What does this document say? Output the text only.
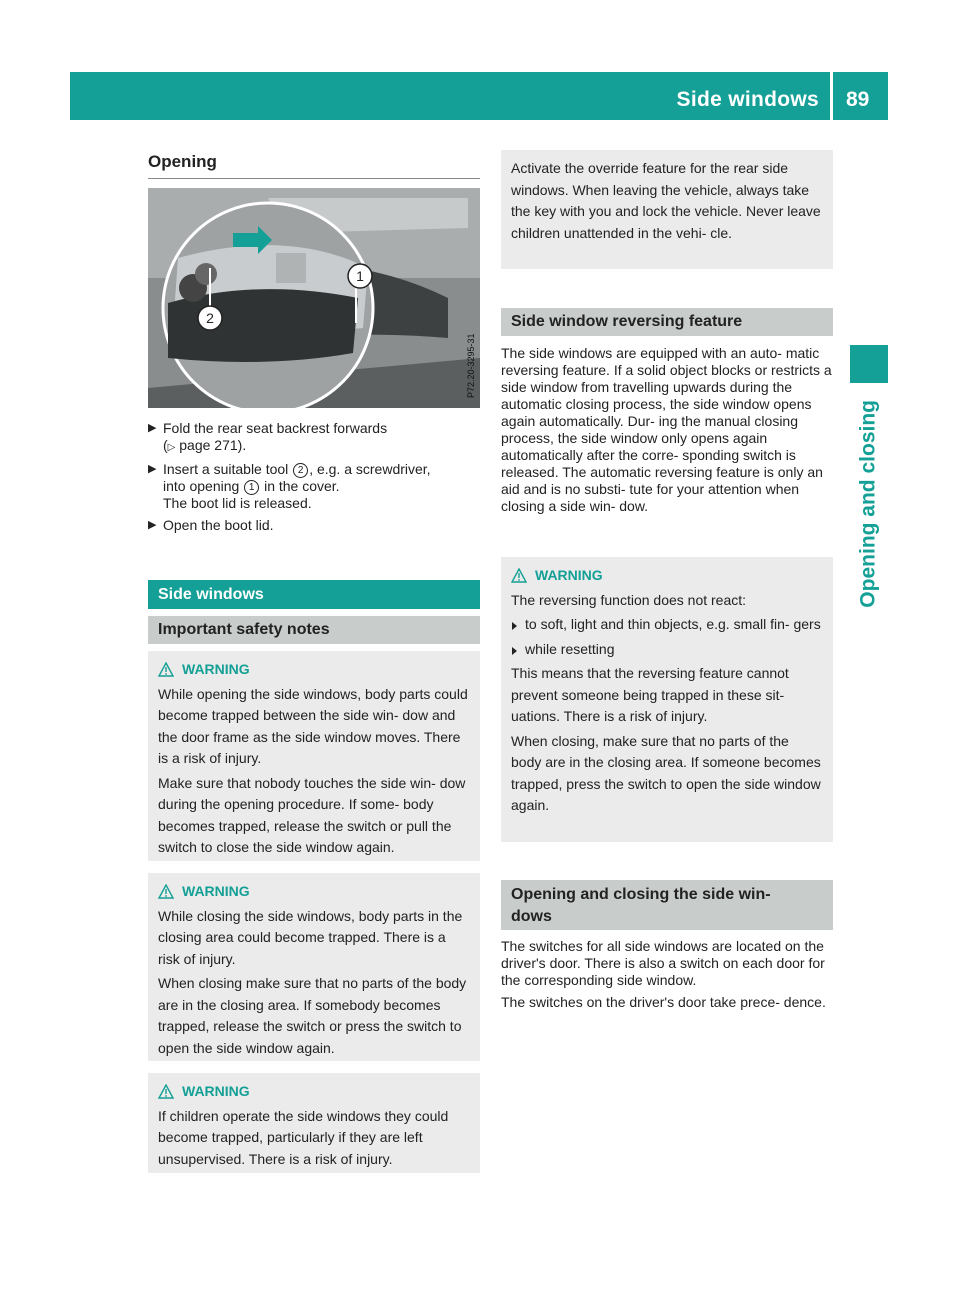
Side windows 89
Opening and closing
Opening
1
2
P72.20-3295-31
▶ Fold the rear seat backrest forwards
(▷ page 271).
▶ Insert a suitable tool 2 , e.g. a screwdriver,
into opening 1 in the cover.
The boot lid is released.
▶ Open the boot lid.
Side windows
Important safety notes
WARNING

While opening the side windows, body parts could become trapped between the side win- dow and the door frame as the side window moves. There is a risk of injury.

Make sure that nobody touches the side win- dow during the opening procedure. If some- body becomes trapped, release the switch or pull the switch to close the side window again.

WARNING

While closing the side windows, body parts in the closing area could become trapped. There is a risk of injury.

When closing make sure that no parts of the body are in the closing area. If somebody becomes trapped, release the switch or press the switch to open the side window again.

WARNING

If children operate the side windows they could become trapped, particularly if they are left unsupervised. There is a risk of injury.

Activate the override feature for the rear side windows. When leaving the vehicle, always take the key with you and lock the vehicle. Never leave children unattended in the vehi- cle.

Side window reversing feature

The side windows are equipped with an auto- matic reversing feature. If a solid object blocks or restricts a side window from travelling upwards during the automatic closing process, the side window opens again automatically. Dur- ing the manual closing process, the side window only opens again automatically after the corre- sponding switch is released. The automatic reversing feature is only an aid and is no substi- tute for your attention when closing a side win- dow.

WARNING

The reversing function does not react:

to soft, light and thin objects, e.g. small fin- gers

while resetting

This means that the reversing feature cannot prevent someone being trapped in these sit- uations. There is a risk of injury.

When closing, make sure that no parts of the body are in the closing area. If someone becomes trapped, press the switch to open the side window again.

Opening and closing the side win-
dows

The switches for all side windows are located on the driver's door. There is also a switch on each door for the corresponding side window.

The switches on the driver's door take prece- dence.
